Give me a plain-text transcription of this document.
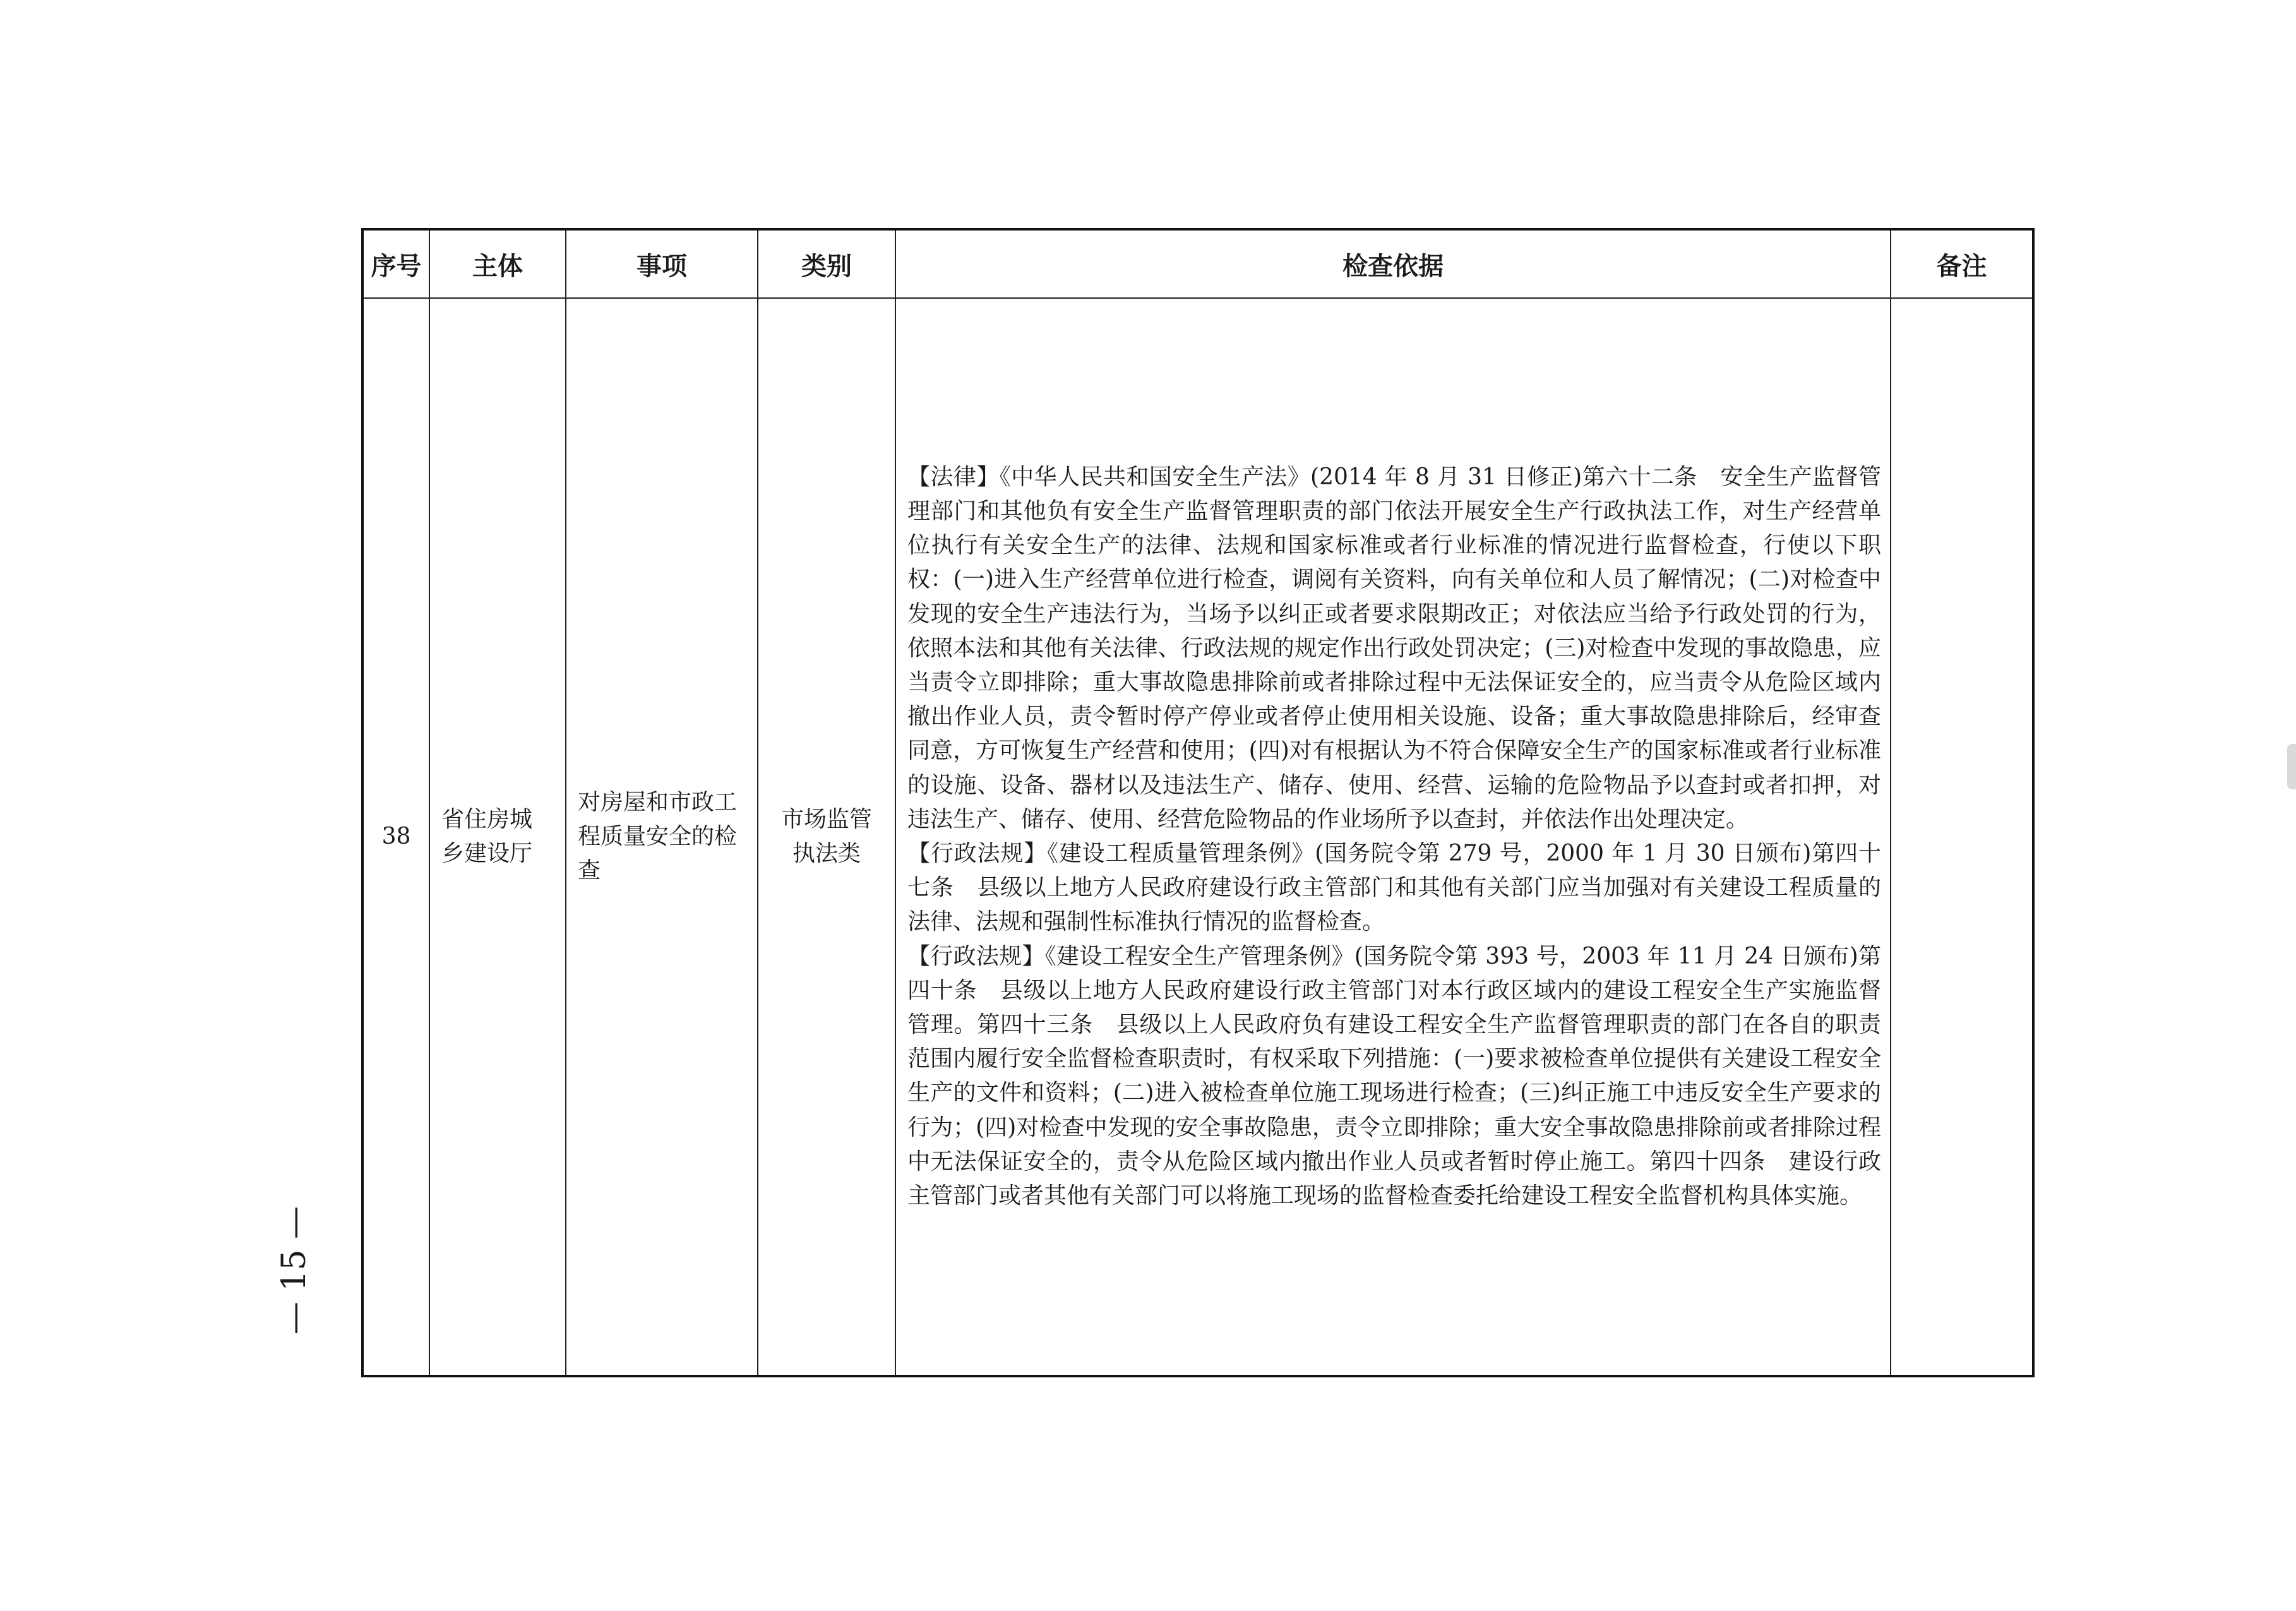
序号	主体	事项	类别	检查依据	备注

38	省住房城乡建设厅	对房屋和市政工程质量安全的检查	市场监管执法类	【法律】《中华人民共和国安全生产法》(2014 年 8 月 31 日修正)第六十二条　安全生产监督管理部门和其他负有安全生产监督管理职责的部门依法开展安全生产行政执法工作，对生产经营单位执行有关安全生产的法律、法规和国家标准或者行业标准的情况进行监督检查，行使以下职权：(一)进入生产经营单位进行检查，调阅有关资料，向有关单位和人员了解情况；(二)对检查中发现的安全生产违法行为，当场予以纠正或者要求限期改正；对依法应当给予行政处罚的行为，依照本法和其他有关法律、行政法规的规定作出行政处罚决定；(三)对检查中发现的事故隐患，应当责令立即排除；重大事故隐患排除前或者排除过程中无法保证安全的，应当责令从危险区域内撤出作业人员，责令暂时停产停业或者停止使用相关设施、设备；重大事故隐患排除后，经审查同意，方可恢复生产经营和使用；(四)对有根据认为不符合保障安全生产的国家标准或者行业标准的设施、设备、器材以及违法生产、储存、使用、经营、运输的危险物品予以查封或者扣押，对违法生产、储存、使用、经营危险物品的作业场所予以查封，并依法作出处理决定。

【行政法规】《建设工程质量管理条例》(国务院令第 279 号，2000 年 1 月 30 日颁布)第四十七条　县级以上地方人民政府建设行政主管部门和其他有关部门应当加强对有关建设工程质量的法律、法规和强制性标准执行情况的监督检查。

【行政法规】《建设工程安全生产管理条例》(国务院令第 393 号，2003 年 11 月 24 日颁布)第四十条　县级以上地方人民政府建设行政主管部门对本行政区域内的建设工程安全生产实施监督管理。第四十三条　县级以上人民政府负有建设工程安全生产监督管理职责的部门在各自的职责范围内履行安全监督检查职责时，有权采取下列措施：(一)要求被检查单位提供有关建设工程安全生产的文件和资料；(二)进入被检查单位施工现场进行检查；(三)纠正施工中违反安全生产要求的行为；(四)对检查中发现的安全事故隐患，责令立即排除；重大安全事故隐患排除前或者排除过程中无法保证安全的，责令从危险区域内撤出作业人员或者暂时停止施工。第四十四条　建设行政主管部门或者其他有关部门可以将施工现场的监督检查委托给建设工程安全监督机构具体实施。	

— 15 —
